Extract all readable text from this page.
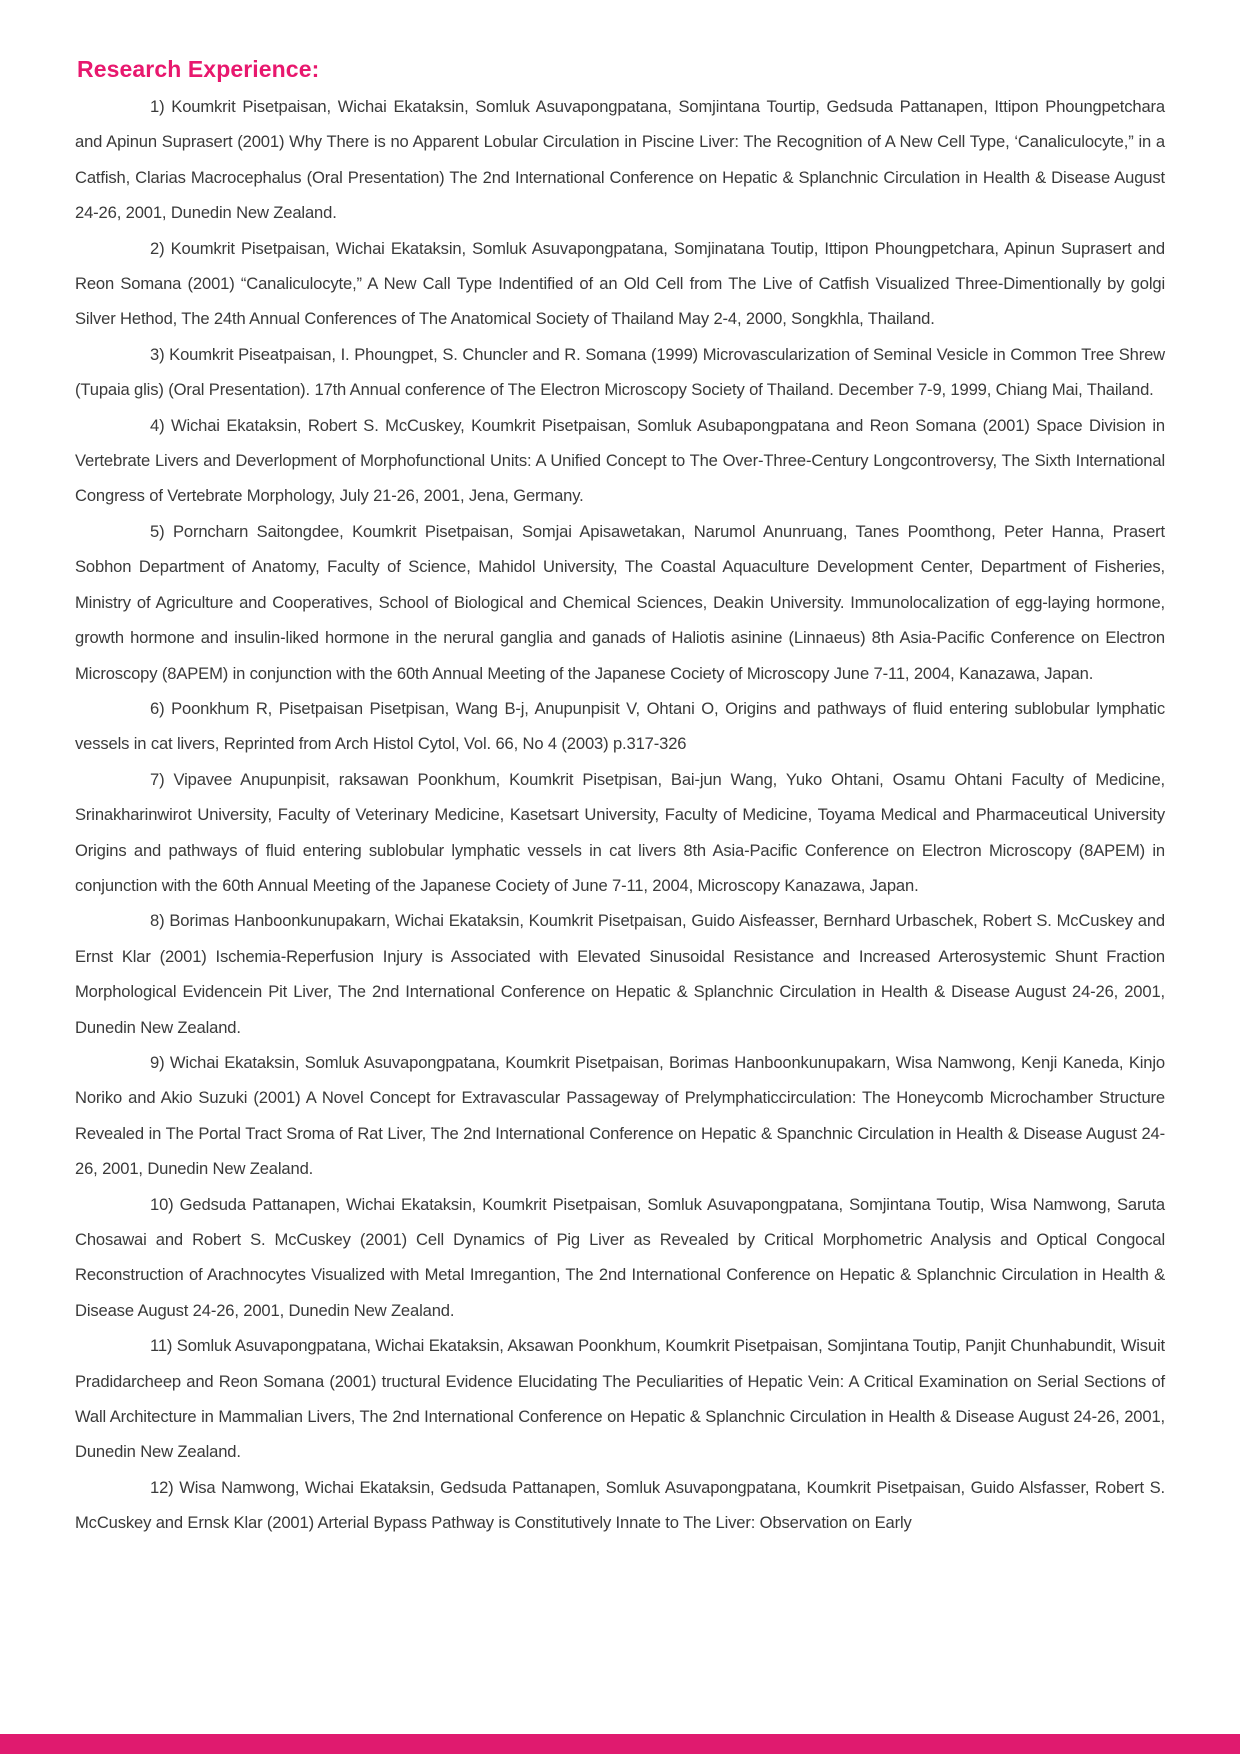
Research Experience:

1) Koumkrit Pisetpaisan, Wichai Ekataksin, Somluk Asuvapongpatana, Somjintana Tourtip, Gedsuda Pattanapen, Ittipon Phoungpetchara and Apinun Suprasert (2001) Why There is no Apparent Lobular Circulation in Piscine Liver: The Recognition of A New Cell Type, ‘Canaliculocyte,” in a Catfish, Clarias Macrocephalus (Oral Presentation) The 2nd International Conference on Hepatic & Splanchnic Circulation in Health & Disease August 24-26, 2001, Dunedin New Zealand.

2) Koumkrit Pisetpaisan, Wichai Ekataksin, Somluk Asuvapongpatana, Somjinatana Toutip, Ittipon Phoungpetchara, Apinun Suprasert and Reon Somana (2001) “Canaliculocyte,” A New Call Type Indentified of an Old Cell from The Live of Catfish Visualized Three-Dimentionally by golgi Silver Hethod, The 24th Annual Conferences of The Anatomical Society of Thailand May 2-4, 2000, Songkhla, Thailand.

3) Koumkrit Piseatpaisan, I. Phoungpet, S. Chuncler and R. Somana (1999) Microvascularization of Seminal Vesicle in Common Tree Shrew (Tupaia glis) (Oral Presentation). 17th Annual conference of The Electron Microscopy Society of Thailand. December 7-9, 1999, Chiang Mai, Thailand.

4) Wichai Ekataksin, Robert S. McCuskey, Koumkrit Pisetpaisan, Somluk Asubapongpatana and Reon Somana (2001) Space Division in Vertebrate Livers and Deverlopment of Morphofunctional Units: A Unified Concept to The Over-Three-Century Longcontroversy, The Sixth International Congress of Vertebrate Morphology, July 21-26, 2001, Jena, Germany.

5) Porncharn Saitongdee, Koumkrit Pisetpaisan, Somjai Apisawetakan, Narumol Anunruang, Tanes Poomthong, Peter Hanna, Prasert Sobhon Department of Anatomy, Faculty of Science, Mahidol University, The Coastal Aquaculture Development Center, Department of Fisheries, Ministry of Agriculture and Cooperatives, School of Biological and Chemical Sciences, Deakin University. Immunolocalization of egg-laying hormone, growth hormone and insulin-liked hormone in the nerural ganglia and ganads of Haliotis asinine (Linnaeus) 8th Asia-Pacific Conference on Electron Microscopy (8APEM) in conjunction with the 60th Annual Meeting of the Japanese Cociety of Microscopy June 7-11, 2004, Kanazawa, Japan.

6) Poonkhum R, Pisetpaisan Pisetpisan, Wang B-j, Anupunpisit V, Ohtani O, Origins and pathways of fluid entering sublobular lymphatic vessels in cat livers, Reprinted from Arch Histol Cytol, Vol. 66, No 4 (2003) p.317-326

7) Vipavee Anupunpisit, raksawan Poonkhum, Koumkrit Pisetpisan, Bai-jun Wang, Yuko Ohtani, Osamu Ohtani Faculty of Medicine, Srinakharinwirot University, Faculty of Veterinary Medicine, Kasetsart University, Faculty of Medicine, Toyama Medical and Pharmaceutical University Origins and pathways of fluid entering sublobular lymphatic vessels in cat livers 8th Asia-Pacific Conference on Electron Microscopy (8APEM) in conjunction with the 60th Annual Meeting of the Japanese Cociety of June 7-11, 2004, Microscopy Kanazawa, Japan.

8) Borimas Hanboonkunupakarn, Wichai Ekataksin, Koumkrit Pisetpaisan, Guido Aisfeasser, Bernhard Urbaschek, Robert S. McCuskey and Ernst Klar (2001) Ischemia-Reperfusion Injury is Associated with Elevated Sinusoidal Resistance and Increased Arterosystemic Shunt Fraction Morphological Evidencein Pit Liver, The 2nd International Conference on Hepatic & Splanchnic Circulation in Health & Disease August 24-26, 2001, Dunedin New Zealand.

9) Wichai Ekataksin, Somluk Asuvapongpatana, Koumkrit Pisetpaisan, Borimas Hanboonkunupakarn, Wisa Namwong, Kenji Kaneda, Kinjo Noriko and Akio Suzuki (2001) A Novel Concept for Extravascular Passageway of Prelymphaticcirculation: The Honeycomb Microchamber Structure Revealed in The Portal Tract Sroma of Rat Liver, The 2nd International Conference on Hepatic & Spanchnic Circulation in Health & Disease August 24-26, 2001, Dunedin New Zealand.

10) Gedsuda Pattanapen, Wichai Ekataksin, Koumkrit Pisetpaisan, Somluk Asuvapongpatana, Somjintana Toutip, Wisa Namwong, Saruta Chosawai and Robert S. McCuskey (2001) Cell Dynamics of Pig Liver as Revealed by Critical Morphometric Analysis and Optical Congocal Reconstruction of Arachnocytes Visualized with Metal Imregantion, The 2nd International Conference on Hepatic & Splanchnic Circulation in Health & Disease August 24-26, 2001, Dunedin New Zealand.

11) Somluk Asuvapongpatana, Wichai Ekataksin, Aksawan Poonkhum, Koumkrit Pisetpaisan, Somjintana Toutip, Panjit Chunhabundit, Wisuit Pradidarcheep and Reon Somana (2001) tructural Evidence Elucidating The Peculiarities of Hepatic Vein: A Critical Examination on Serial Sections of Wall Architecture in Mammalian Livers, The 2nd International Conference on Hepatic & Splanchnic Circulation in Health & Disease August 24-26, 2001, Dunedin New Zealand.

12) Wisa Namwong, Wichai Ekataksin, Gedsuda Pattanapen, Somluk Asuvapongpatana, Koumkrit Pisetpaisan, Guido Alsfasser, Robert S. McCuskey and Ernsk Klar (2001) Arterial Bypass Pathway is Constitutively Innate to The Liver: Observation on Early
